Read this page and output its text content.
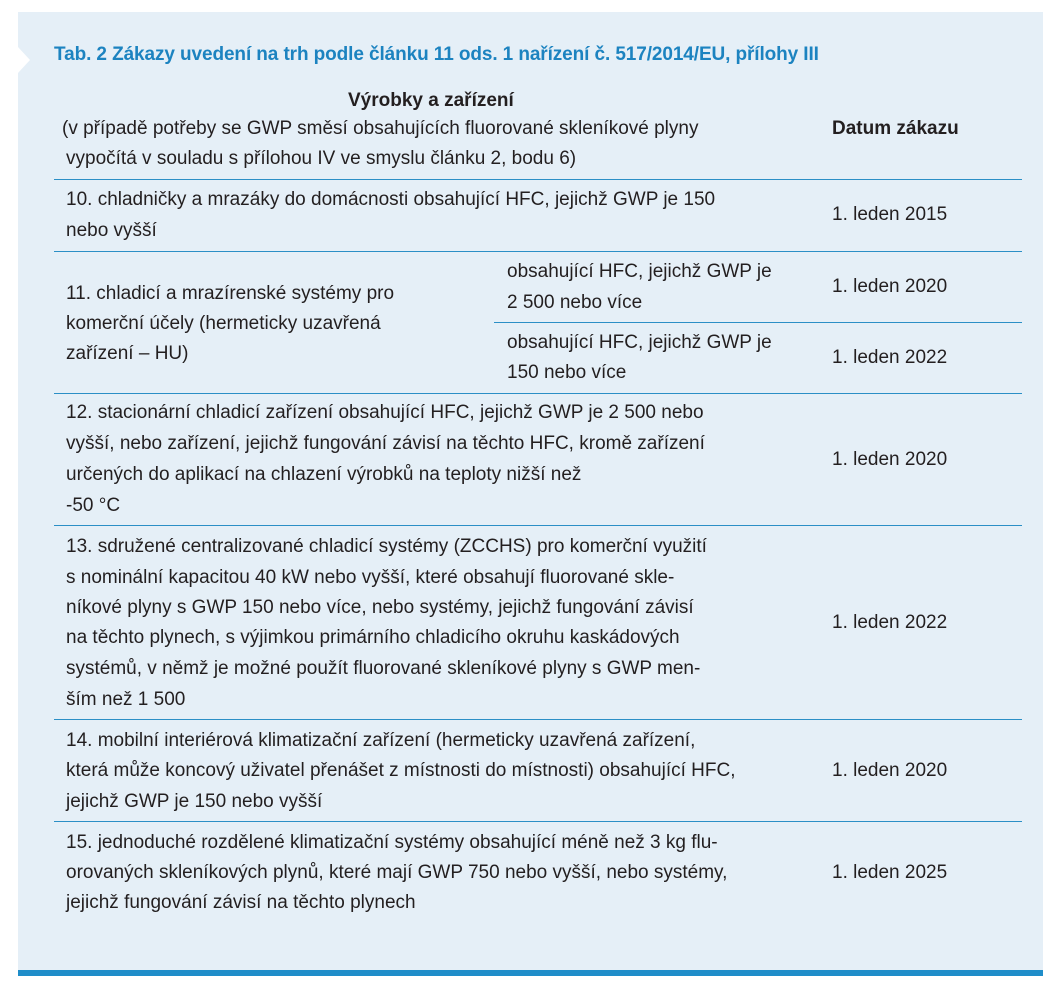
Tab. 2 Zákazy uvedení na trh podle článku 11 ods. 1 nařízení č. 517/2014/EU, přílohy III
Výrobky a zařízení
(v případě potřeby se GWP směsí obsahujících fluorované skleníkové plyny
vypočítá v souladu s přílohou IV ve smyslu článku 2, bodu 6)
Datum zákazu
10. chladničky a mrazáky do domácnosti obsahující HFC, jejichž GWP je 150
nebo vyšší
1. leden 2015
11. chladicí a mrazírenské systémy pro
komerční účely (hermeticky uzavřená
zařízení – HU)
obsahující HFC, jejichž GWP je
2 500 nebo více
1. leden 2020
obsahující HFC, jejichž GWP je
150 nebo více
1. leden 2022
12. stacionární chladicí zařízení obsahující HFC, jejichž GWP je 2 500 nebo
vyšší, nebo zařízení, jejichž fungování závisí na těchto HFC, kromě zařízení
určených do aplikací na chlazení výrobků na teploty nižší než
-50 °C
1. leden 2020
13. sdružené centralizované chladicí systémy (ZCCHS) pro komerční využití
s nominální kapacitou 40 kW nebo vyšší, které obsahují fluorované skle-
níkové plyny s GWP 150 nebo více, nebo systémy, jejichž fungování závisí
na těchto plynech, s výjimkou primárního chladicího okruhu kaskádových
systémů, v němž je možné použít fluorované skleníkové plyny s GWP men-
ším než 1 500
1. leden 2022
14. mobilní interiérová klimatizační zařízení (hermeticky uzavřená zařízení,
která může koncový uživatel přenášet z místnosti do místnosti) obsahující HFC,
jejichž GWP je 150 nebo vyšší
1. leden 2020
15. jednoduché rozdělené klimatizační systémy obsahující méně než 3 kg flu-
orovaných skleníkových plynů, které mají GWP 750 nebo vyšší, nebo systémy,
jejichž fungování závisí na těchto plynech
1. leden 2025
